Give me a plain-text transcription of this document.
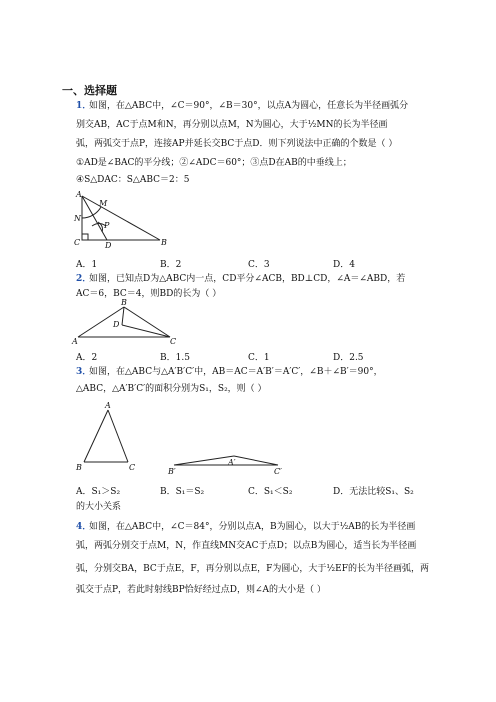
一、选择题
1．
如图，在△ABC中，∠C＝90°，∠B＝30°，以点A为圆心，任意长为半径画弧分
别交AB，AC于点M和N，再分别以点M，N为圆心，大于½MN的长为半径画
弧，两弧交于点P，连接AP并延长交BC于点D．则下列说法中正确的个数是（ ）
①AD是∠BAC的平分线；②∠ADC＝60°；③点D在AB的中垂线上；
④S△DAC：S△ABC＝2：5
A
M
N
P
C	D	B
A．1	B．2	C．3	D．4
2．
如图，已知点D为△ABC内一点，CD平分∠ACB，BD⊥CD，∠A＝∠ABD，若
AC＝6，BC＝4，则BD的长为（ ）
B
D
A	C
A．2	B．1.5	C．1	D．2.5
3．
如图，在△ABC与△A′B′C′中，AB＝AC＝A′B′＝A′C′，∠B＋∠B′＝90°，
△ABC，△A′B′C′的面积分别为S₁，S₂，则（ ）
A
B	C	B′	C′
A′
A．S₁＞S₂	B．S₁＝S₂	C．S₁＜S₂	D．无法比较S₁、S₂
的大小关系
4．
如图，在△ABC中，∠C＝84°，分别以点A，B为圆心，以大于½AB的长为半径画
弧，两弧分别交于点M，N，作直线MN交AC于点D；以点B为圆心，适当长为半径画
弧，分别交BA，BC于点E，F，再分别以点E，F为圆心，大于½EF的长为半径画弧，两
弧交于点P，若此时射线BP恰好经过点D，则∠A的大小是（ ）
